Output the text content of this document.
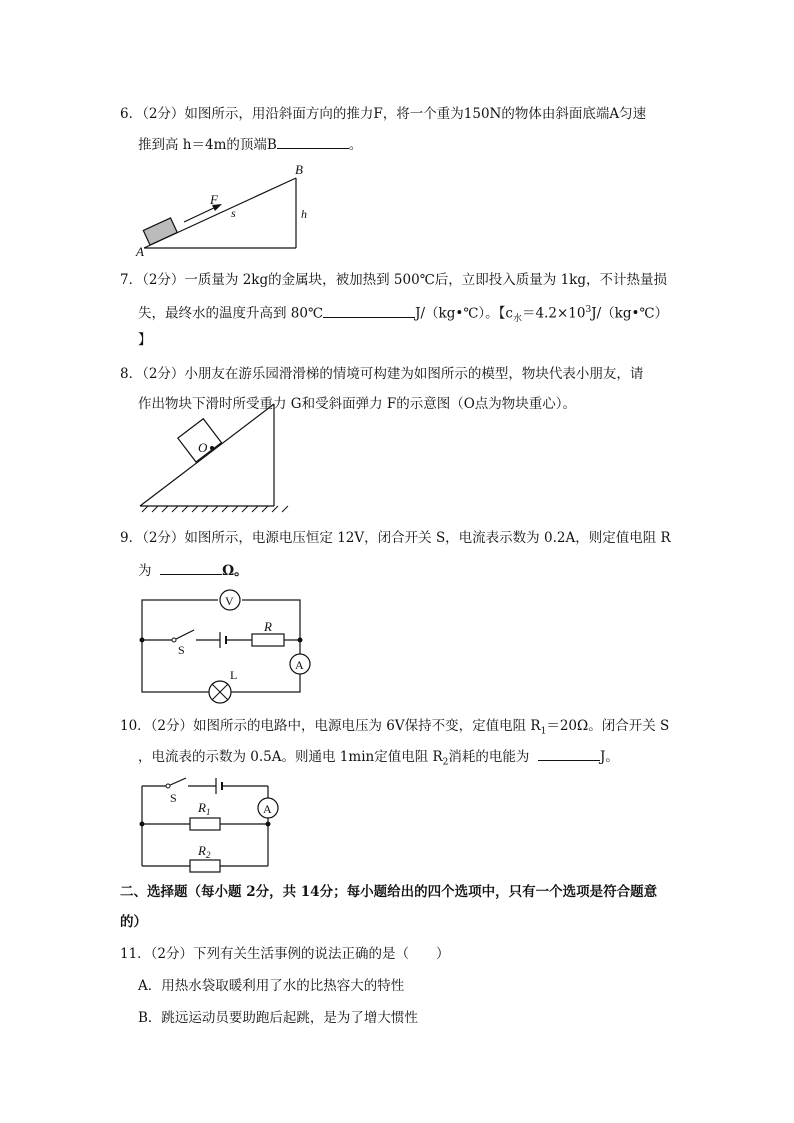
6．（2分）如图所示，用沿斜面方向的推力F，将一个重为150N的物体由斜面底端A匀速
推到高 h＝4m的顶端B	。
F
s	h
B
A
7．（2分）一质量为 2kg的金属块，被加热到 500℃后，立即投入质量为 1kg，不计热量损
失，最终水的温度升高到 80℃	J/（kg•℃）。【$c_水=4.2\times 10^3J/(kg•℃)$
】
8．（2分）小朋友在游乐园滑滑梯的情境可构建为如图所示的模型，物块代表小朋友，请
作出物块下滑时所受重力 G和受斜面弹力 F的示意图（O点为物块重心）。
O
9．（2分）如图所示，电源电压恒定 12V，闭合开关 S，电流表示数为 0.2A，则定值电阻 R
为	Ω。
V
R
S
A
L
10．（2分）如图所示的电路中，电源电压为 6V保持不变，定值电阻 $R_1=20\Omega$。闭合开关 S
，电流表的示数为 0.5A。则通电 1min定值电阻 $R_2$消耗的电能为	J。
A
S
$R_1$
$R_2$
二、选择题（每小题 2分，共 14分；每小题给出的四个选项中，只有一个选项是符合题意
的）
11．（2分）下列有关生活事例的说法正确的是（　　）
A．用热水袋取暖利用了水的比热容大的特性
B．跳远运动员要助跑后起跳，是为了增大惯性
